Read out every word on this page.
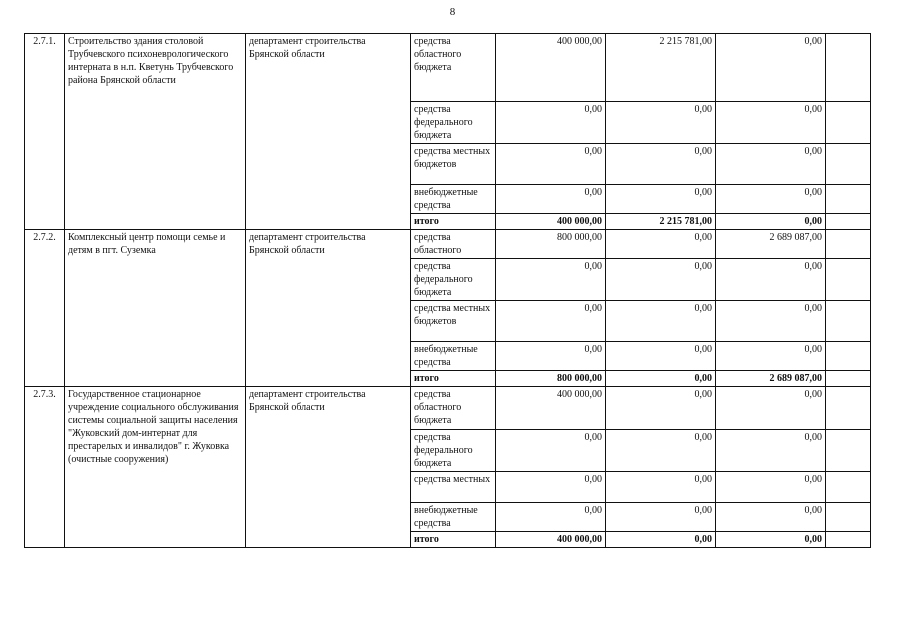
8
2.7.1.	Строительство здания столовой Трубчевского психоневрологического интерната в н.п. Кветунь Трубчевского района Брянской области	департамент строительства Брянской области	средства областного бюджета	400 000,00	2 215 781,00	0,00	
			средства федерального бюджета	0,00	0,00	0,00	
			средства местных бюджетов	0,00	0,00	0,00	
			внебюджетные средства	0,00	0,00	0,00	
			итого	400 000,00	2 215 781,00	0,00	
2.7.2.	Комплексный центр помощи семье и детям в пгт. Суземка	департамент строительства Брянской области	средства областного	800 000,00	0,00	2 689 087,00	
			средства федерального бюджета	0,00	0,00	0,00	
			средства местных бюджетов	0,00	0,00	0,00	
			внебюджетные средства	0,00	0,00	0,00	
			итого	800 000,00	0,00	2 689 087,00	
2.7.3.	Государственное стационарное учреждение социального обслуживания системы социальной защиты населения "Жуковский дом-интернат для престарелых и инвалидов" г. Жуковка (очистные сооружения)	департамент строительства Брянской области	средства областного бюджета	400 000,00	0,00	0,00	
			средства федерального бюджета	0,00	0,00	0,00	
			средства местных	0,00	0,00	0,00	
			внебюджетные средства	0,00	0,00	0,00	
			итого	400 000,00	0,00	0,00	
